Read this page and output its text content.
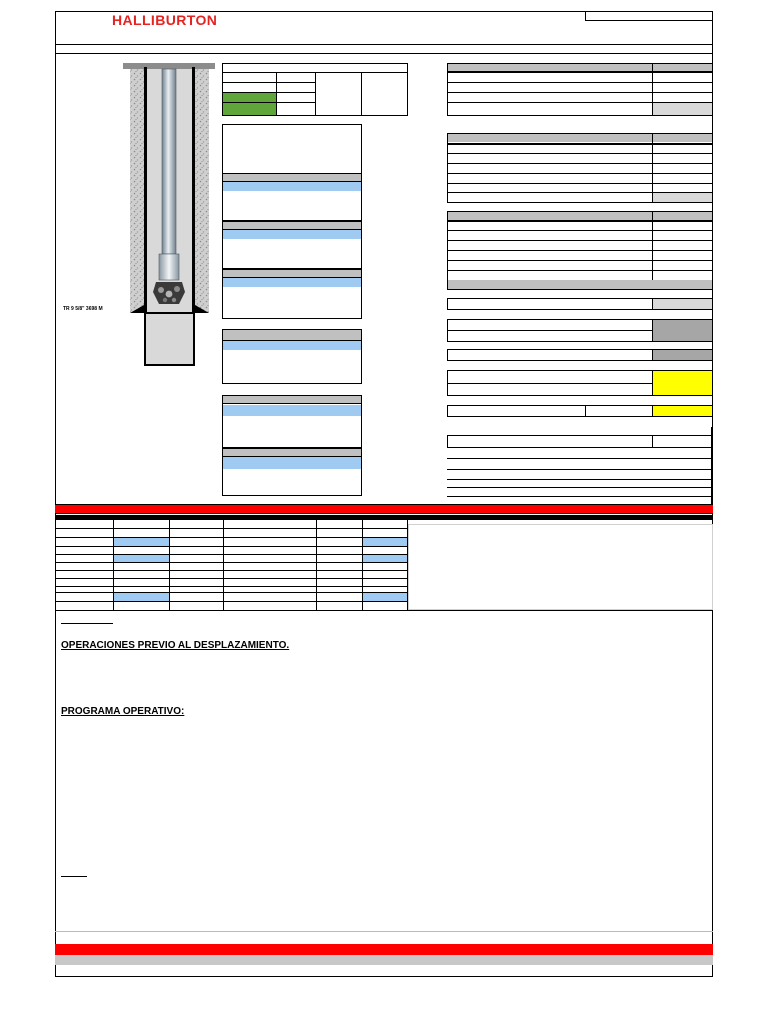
HALLIBURTON
TR 9 5/8" 3698 M
OPERACIONES PREVIO AL DESPLAZAMIENTO.
PROGRAMA OPERATIVO:
